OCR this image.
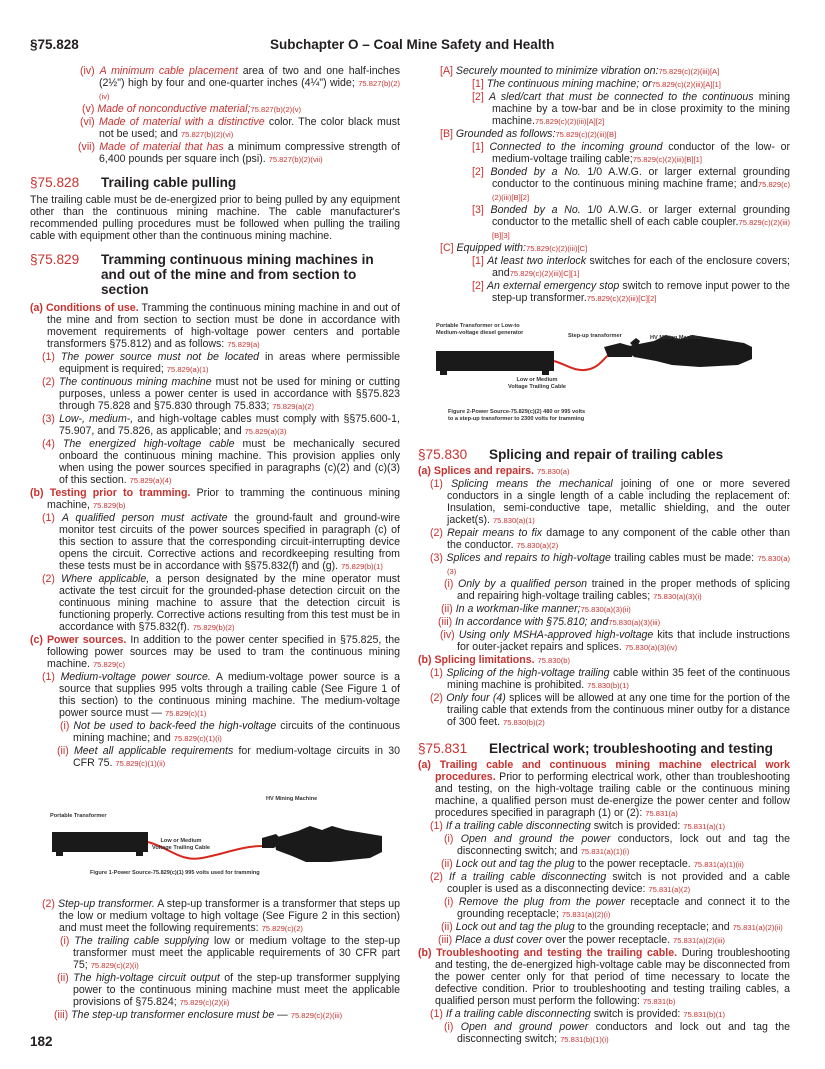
§75.828	Subchapter O – Coal Mine Safety and Health
(iv) A minimum cable placement area of two and one half-inches (2½") high by four and one-quarter inches (4¼") wide; 75.827(b)(2)(iv)
(v) Made of nonconductive material;75.827(b)(2)(v)
(vi) Made of material with a distinctive color. The color black must not be used; and 75.827(b)(2)(vi)
(vii) Made of material that has a minimum compressive strength of 6,400 pounds per square inch (psi). 75.827(b)(2)(vii)
§75.828	Trailing cable pulling
The trailing cable must be de-energized prior to being pulled by any equipment other than the continuous mining machine. The cable manufacturer's recommended pulling procedures must be followed when pulling the trailing cable with equipment other than the continuous mining machine.
§75.829	Tramming continuous mining machines in and out of the mine and from section to section
(a) Conditions of use. Tramming the continuous mining machine in and out of the mine and from section to section must be done in accordance with movement requirements of high-voltage power centers and portable transformers §75.812) and as follows: 75.829(a)
(1) The power source must not be located in areas where permissible equipment is required; 75.829(a)(1)
(2) The continuous mining machine must not be used for mining or cutting purposes, unless a power center is used in accordance with §§75.823 through 75.828 and §75.830 through 75.833; 75.829(a)(2)
(3) Low-, medium-, and high-voltage cables must comply with §§75.600-1, 75.907, and 75.826, as applicable; and 75.829(a)(3)
(4) The energized high-voltage cable must be mechanically secured onboard the continuous mining machine. This provision applies only when using the power sources specified in paragraphs (c)(2) and (c)(3) of this section. 75.829(a)(4)
(b) Testing prior to tramming. Prior to tramming the continuous mining machine, 75.829(b)
(1) A qualified person must activate the ground-fault and ground-wire monitor test circuits of the power sources specified in paragraph (c) of this section to assure that the corresponding circuit-interrupting device opens the circuit. Corrective actions and recordkeeping resulting from these tests must be in accordance with §§75.832(f) and (g). 75.829(b)(1)
(2) Where applicable, a person designated by the mine operator must activate the test circuit for the grounded-phase detection circuit on the continuous mining machine to assure that the detection circuit is functioning properly. Corrective actions resulting from this test must be in accordance with §75.832(f). 75.829(b)(2)
(c) Power sources. In addition to the power center specified in §75.825, the following power sources may be used to tram the continuous mining machine. 75.829(c)
(1) Medium-voltage power source. A medium-voltage power source is a source that supplies 995 volts through a trailing cable (See Figure 1 of this section) to the continuous mining machine. The medium-voltage power source must — 75.829(c)(1)
(i) Not be used to back-feed the high-voltage circuits of the continuous mining machine; and 75.829(c)(1)(i)
(ii) Meet all applicable requirements for medium-voltage circuits in 30 CFR 75. 75.829(c)(1)(ii)
HV Mining Machine
Portable Transformer
Low or Medium
Voltage Trailing Cable
Figure 1-Power Source-75.829(c)(1) 995 volts used for tramming
(2) Step-up transformer. A step-up transformer is a transformer that steps up the low or medium voltage to high voltage (See Figure 2 in this section) and must meet the following requirements: 75.829(c)(2)
(i) The trailing cable supplying low or medium voltage to the step-up transformer must meet the applicable requirements of 30 CFR part 75; 75.829(c)(2)(i)
(ii) The high-voltage circuit output of the step-up transformer supplying power to the continuous mining machine must meet the applicable provisions of §75.824; 75.829(c)(2)(ii)
(iii) The step-up transformer enclosure must be — 75.829(c)(2)(iii)
[A] Securely mounted to minimize vibration on:75.829(c)(2)(iii)[A]
[1] The continuous mining machine; or75.829(c)(2)(iii)[A][1]
[2] A sled/cart that must be connected to the continuous mining machine by a tow-bar and be in close proximity to the mining machine.75.829(c)(2)(iii)[A][2]
[B] Grounded as follows:75.829(c)(2)(iii)[B]
[1] Connected to the incoming ground conductor of the low- or medium-voltage trailing cable;75.829(c)(2)(iii)[B][1]
[2] Bonded by a No. 1/0 A.W.G. or larger external grounding conductor to the continuous mining machine frame; and75.829(c)(2)(iii)[B][2]
[3] Bonded by a No. 1/0 A.W.G. or larger external grounding conductor to the metallic shell of each cable coupler.75.829(c)(2)(iii)[B][3]
[C] Equipped with:75.829(c)(2)(iii)[C]
[1] At least two interlock switches for each of the enclosure covers; and75.829(c)(2)(iii)[C][1]
[2] An external emergency stop switch to remove input power to the step-up transformer.75.829(c)(2)(iii)[C][2]
Portable Transformer or Low-to
Medium-voltage diesel generator
Step-up transformer	HV Mining Machine
Low or Medium
Voltage Trailing Cable
Figure 2-Power Source-75.829(c)(2) 480 or 995 volts
to a step-up transformer to 2300 volts for tramming
§75.830	Splicing and repair of trailing cables
(a) Splices and repairs. 75.830(a)
(1) Splicing means the mechanical joining of one or more severed conductors in a single length of a cable including the replacement of: Insulation, semi-conductive tape, metallic shielding, and the outer jacket(s). 75.830(a)(1)
(2) Repair means to fix damage to any component of the cable other than the conductor. 75.830(a)(2)
(3) Splices and repairs to high-voltage trailing cables must be made: 75.830(a)(3)
(i) Only by a qualified person trained in the proper methods of splicing and repairing high-voltage trailing cables; 75.830(a)(3)(i)
(ii) In a workman-like manner;75.830(a)(3)(ii)
(iii) In accordance with §75.810; and75.830(a)(3)(iii)
(iv) Using only MSHA-approved high-voltage kits that include instructions for outer-jacket repairs and splices. 75.830(a)(3)(iv)
(b) Splicing limitations. 75.830(b)
(1) Splicing of the high-voltage trailing cable within 35 feet of the continuous mining machine is prohibited. 75.830(b)(1)
(2) Only four (4) splices will be allowed at any one time for the portion of the trailing cable that extends from the continuous miner outby for a distance of 300 feet. 75.830(b)(2)
§75.831	Electrical work; troubleshooting and testing
(a) Trailing cable and continuous mining machine electrical work procedures. Prior to performing electrical work, other than troubleshooting and testing, on the high-voltage trailing cable or the continuous mining machine, a qualified person must de-energize the power center and follow procedures specified in paragraph (1) or (2): 75.831(a)
(1) If a trailing cable disconnecting switch is provided: 75.831(a)(1)
(i) Open and ground the power conductors, lock out and tag the disconnecting switch; and 75.831(a)(1)(i)
(ii) Lock out and tag the plug to the power receptacle. 75.831(a)(1)(ii)
(2) If a trailing cable disconnecting switch is not provided and a cable coupler is used as a disconnecting device: 75.831(a)(2)
(i) Remove the plug from the power receptacle and connect it to the grounding receptacle; 75.831(a)(2)(i)
(ii) Lock out and tag the plug to the grounding receptacle; and 75.831(a)(2)(ii)
(iii) Place a dust cover over the power receptacle. 75.831(a)(2)(iii)
(b) Troubleshooting and testing the trailing cable. During troubleshooting and testing, the de-energized high-voltage cable may be disconnected from the power center only for that period of time necessary to locate the defective condition. Prior to troubleshooting and testing trailing cables, a qualified person must perform the following: 75.831(b)
(1) If a trailing cable disconnecting switch is provided: 75.831(b)(1)
(i) Open and ground power conductors and lock out and tag the disconnecting switch; 75.831(b)(1)(i)
182
